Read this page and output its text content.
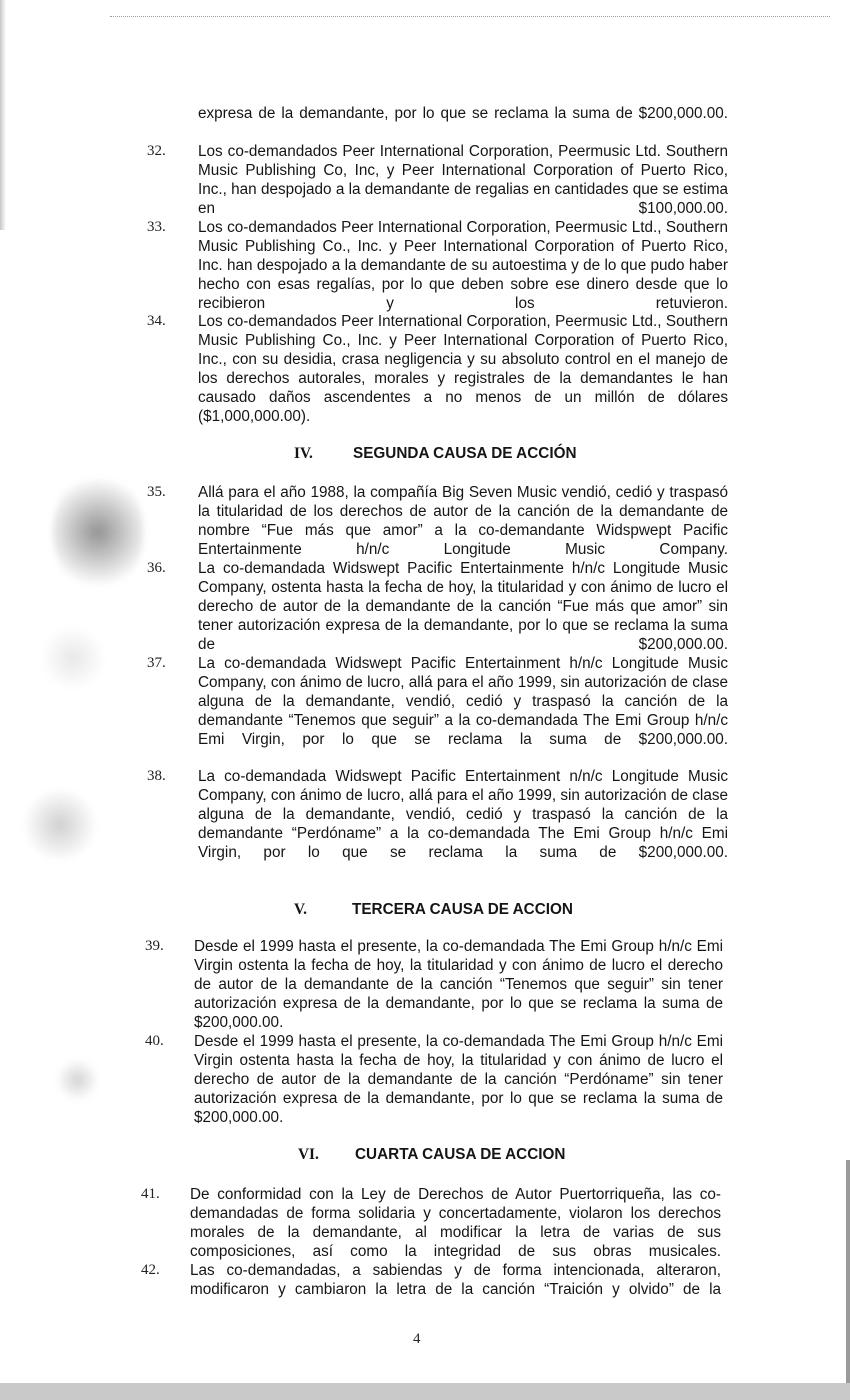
expresa de la demandante, por lo que se reclama la suma de $200,000.00.
32. Los co-demandados Peer International Corporation, Peermusic Ltd. Southern Music Publishing Co, Inc, y Peer International Corporation of Puerto Rico, Inc., han despojado a la demandante de regalias en cantidades que se estima en $100,000.00.
33. Los co-demandados Peer International Corporation, Peermusic Ltd., Southern Music Publishing Co., Inc. y Peer International Corporation of Puerto Rico, Inc. han despojado a la demandante de su autoestima y de lo que pudo haber hecho con esas regalías, por lo que deben sobre ese dinero desde que lo recibieron y los retuvieron.
34. Los co-demandados Peer International Corporation, Peermusic Ltd., Southern Music Publishing Co., Inc. y Peer International Corporation of Puerto Rico, Inc., con su desidia, crasa negligencia y su absoluto control en el manejo de los derechos autorales, morales y registrales de la demandantes le han causado daños ascendentes a no menos de un millón de dólares ($1,000,000.00).
IV.	SEGUNDA CAUSA DE ACCIÓN
35. Allá para el año 1988, la compañía Big Seven Music vendió, cedió y traspasó la titularidad de los derechos de autor de la canción de la demandante de nombre “Fue más que amor” a la co-demandante Widspwept Pacific Entertainmente h/n/c Longitude Music Company.
36. La co-demandada Widswept Pacific Entertainmente h/n/c Longitude Music Company, ostenta hasta la fecha de hoy, la titularidad y con ánimo de lucro el derecho de autor de la demandante de la canción “Fue más que amor” sin tener autorización expresa de la demandante, por lo que se reclama la suma de $200,000.00.
37. La co-demandada Widswept Pacific Entertainment h/n/c Longitude Music Company, con ánimo de lucro, allá para el año 1999, sin autorización de clase alguna de la demandante, vendió, cedió y traspasó la canción de la demandante “Tenemos que seguir” a la co-demandada The Emi Group h/n/c Emi Virgin, por lo que se reclama la suma de $200,000.00.
38. La co-demandada Widswept Pacific Entertainment n/n/c Longitude Music Company, con ánimo de lucro, allá para el año 1999, sin autorización de clase alguna de la demandante, vendió, cedió y traspasó la canción de la demandante “Perdóname” a la co-demandada The Emi Group h/n/c Emi Virgin, por lo que se reclama la suma de $200,000.00.
V.	TERCERA CAUSA DE ACCION
39. Desde el 1999 hasta el presente, la co-demandada The Emi Group h/n/c Emi Virgin ostenta la fecha de hoy, la titularidad y con ánimo de lucro el derecho de autor de la demandante de la canción “Tenemos que seguir” sin tener autorización expresa de la demandante, por lo que se reclama la suma de $200,000.00.
40. Desde el 1999 hasta el presente, la co-demandada The Emi Group h/n/c Emi Virgin ostenta hasta la fecha de hoy, la titularidad y con ánimo de lucro el derecho de autor de la demandante de la canción “Perdóname” sin tener autorización expresa de la demandante, por lo que se reclama la suma de $200,000.00.
VI. CUARTA CAUSA DE ACCION
41. De conformidad con la Ley de Derechos de Autor Puertorriqueña, las co-demandadas de forma solidaria y concertadamente, violaron los derechos morales de la demandante, al modificar la letra de varias de sus composiciones, así como la integridad de sus obras musicales.
42. Las co-demandadas, a sabiendas y de forma intencionada, alteraron, modificaron y cambiaron la letra de la canción “Traición y olvido” de la
4
